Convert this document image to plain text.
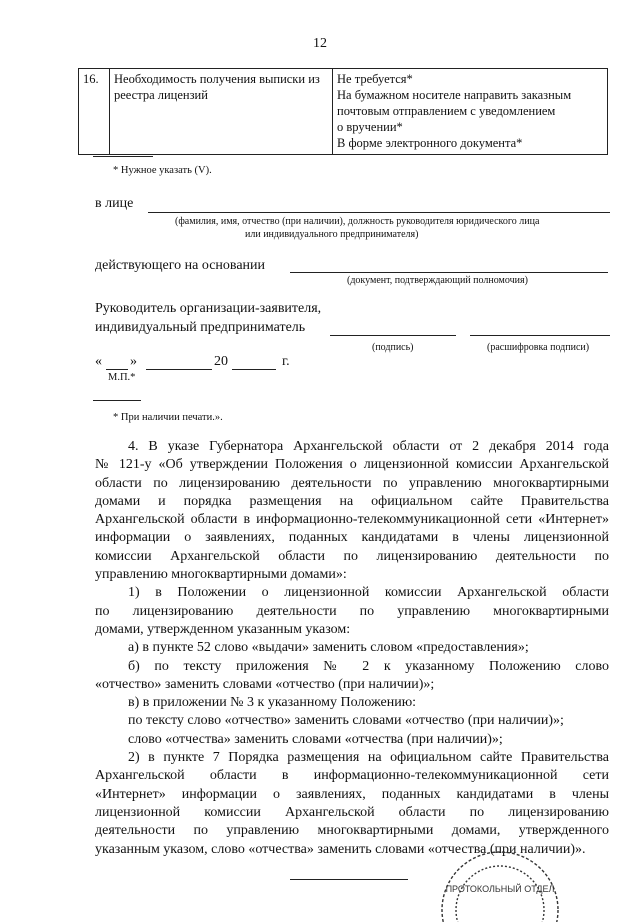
12
16.	Необходимость получения выписки из реестра лицензий	
Не требуется*
На бумажном носителе направить заказным
почтовым отправлением с уведомлением
о вручении*
В форме электронного документа*
* Нужное указать (V).
в лице
(фамилия, имя, отчество (при наличии), должность руководителя юридического лица
или индивидуального предпринимателя)
действующего на основании
(документ, подтверждающий полномочия)
Руководитель организации-заявителя,
индивидуальный предприниматель
(подпись)	(расшифровка подписи)
« »	20	г.
М.П.*
* При наличии печати.».

4. В указе Губернатора Архангельской области от 2 декабря 2014 года

№ 121-у «Об утверждении Положения о лицензионной комиссии Архангельской

области по лицензированию деятельности по управлению многоквартирными

домами и порядка размещения на официальном сайте Правительства

Архангельской области в информационно-телекоммуникационной сети «Интернет»

информации о заявлениях, поданных кандидатами в члены лицензионной

комиссии Архангельской области по лицензированию деятельности по

управлению многоквартирными домами»:

1) в Положении о лицензионной комиссии Архангельской области

по лицензированию деятельности по управлению многоквартирными

домами, утвержденном указанным указом:

а) в пункте 52 слово «выдачи» заменить словом «предоставления»;

б) по тексту приложения № 2 к указанному Положению слово

«отчество» заменить словами «отчество (при наличии)»;

в) в приложении № 3 к указанному Положению:

по тексту слово «отчество» заменить словами «отчество (при наличии)»;

слово «отчества» заменить словами «отчества (при наличии)»;

2) в пункте 7 Порядка размещения на официальном сайте Правительства

Архангельской области в информационно-телекоммуникационной сети

«Интернет» информации о заявлениях, поданных кандидатами в члены

лицензионной комиссии Архангельской области по лицензированию

деятельности по управлению многоквартирными домами, утвержденного

указанным указом, слово «отчества» заменить словами «отчества (при наличии)».

ПРОТОКОЛЬНЫЙ ОТДЕЛ
